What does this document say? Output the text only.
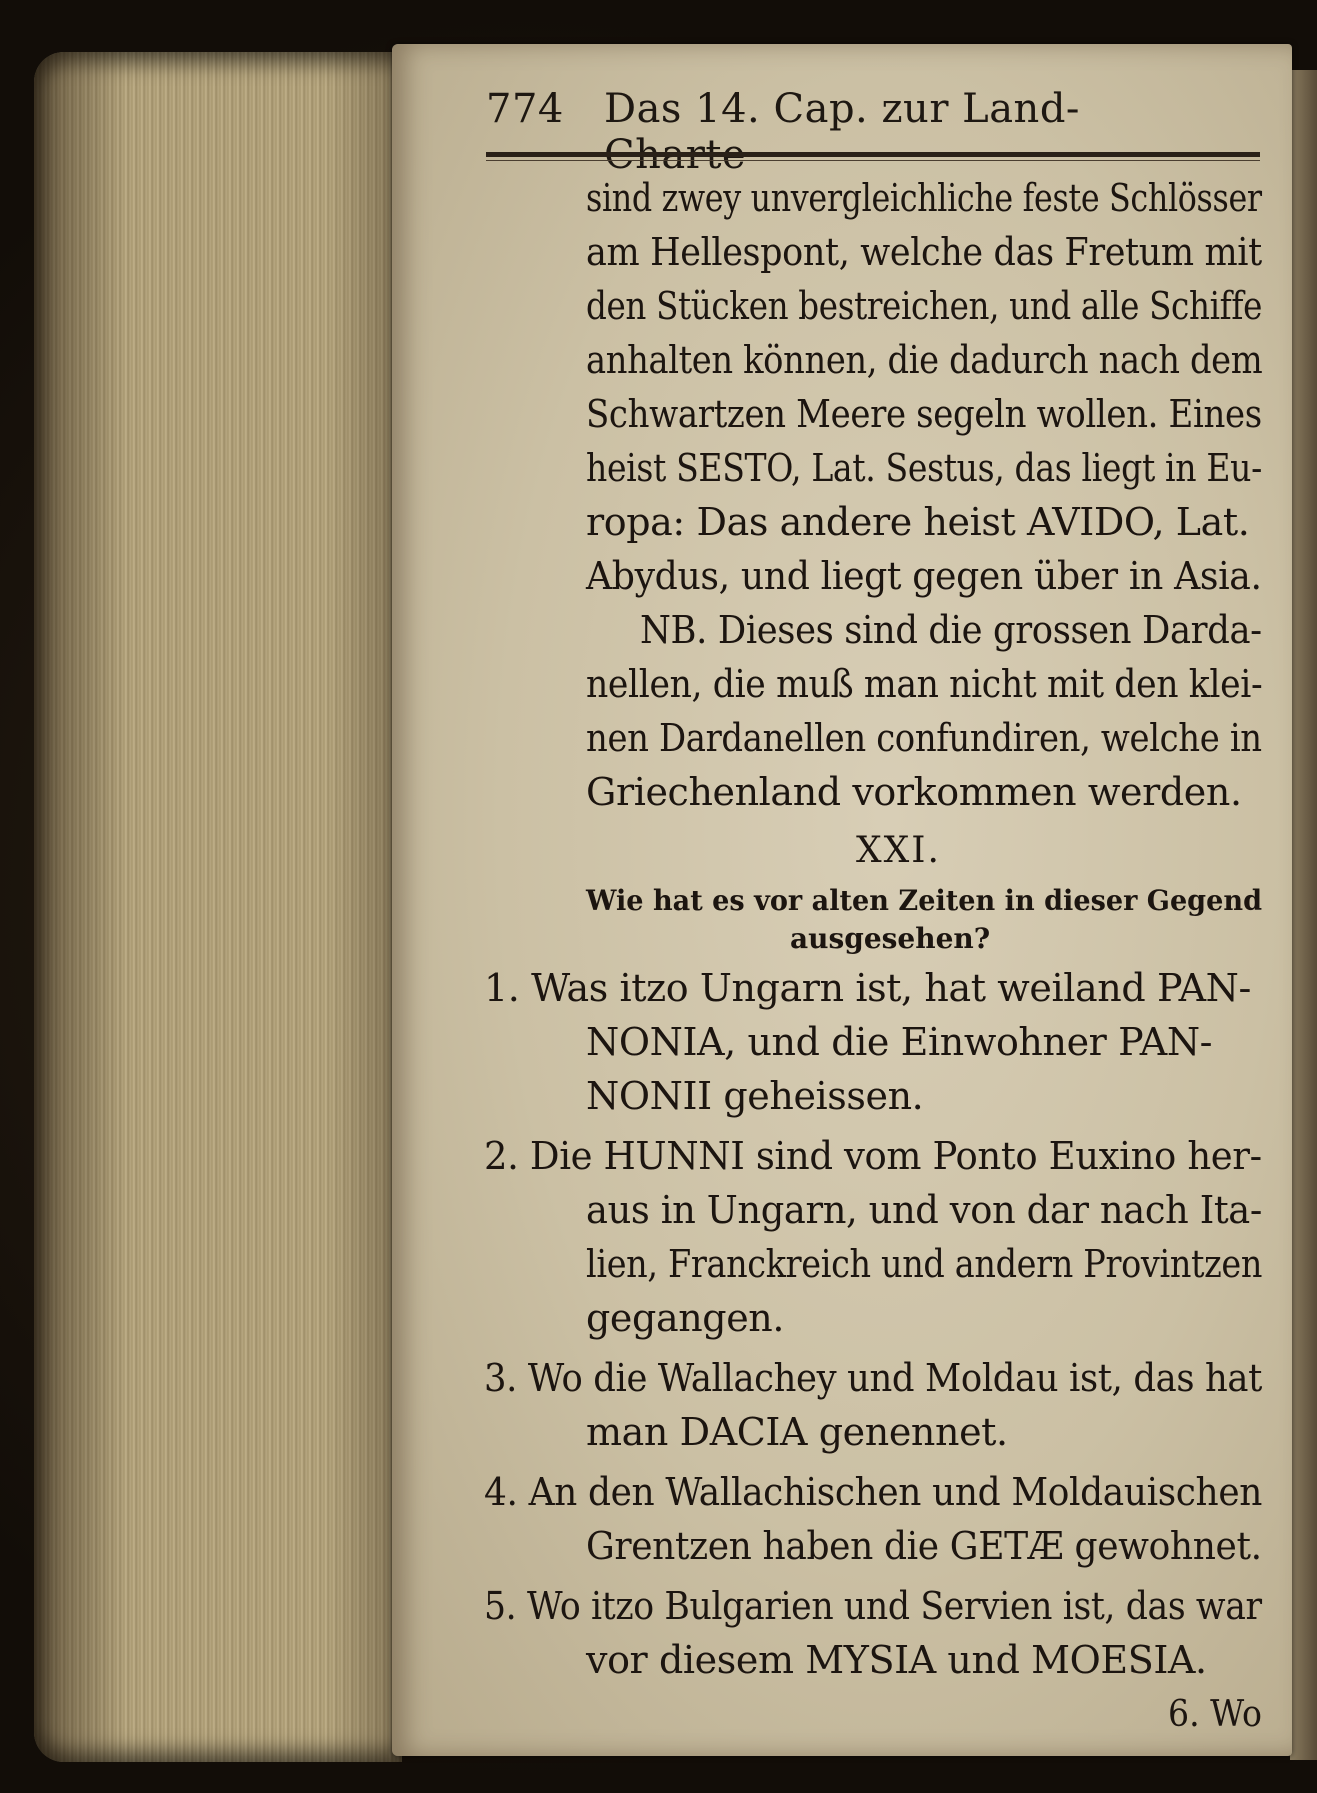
774 Das 14. Cap. zur Land-
sind zwey unvergleichliche feste Schlösser
am Hellespont, welche das Fretum mit
den Stücken bestreichen, und alle Schiffe
anhalten können, die dadurch nach dem
Schwartzen Meere segeln wollen. Eines
heist SESTO, Lat. Sestus, das liegt in Eu-
ropa: Das andere heist AVIDO, Lat.
Abydus, und liegt gegen über in Asia.
NB. Dieses sind die grossen Darda-
nellen, die muß man nicht mit den klei-
nen Dardanellen confundiren, welche in
Griechenland vorkommen werden.
XXI.
Wie hat es vor alten Zeiten in dieser Gegend
ausgesehen?
1. Was itzo Ungarn ist, hat weiland PAN-
NONIA, und die Einwohner PAN-
NONII geheissen.
2. Die HUNNI sind vom Ponto Euxino her-
aus in Ungarn, und von dar nach Ita-
lien, Franckreich und andern Provintzen
gegangen.
3. Wo die Wallachey und Moldau ist, das hat
man DACIA genennet.
4. An den Wallachischen und Moldauischen
Grentzen haben die GETÆ gewohnet.
5. Wo itzo Bulgarien und Servien ist, das war
vor diesem MYSIA und MOESIA.
6. Wo
